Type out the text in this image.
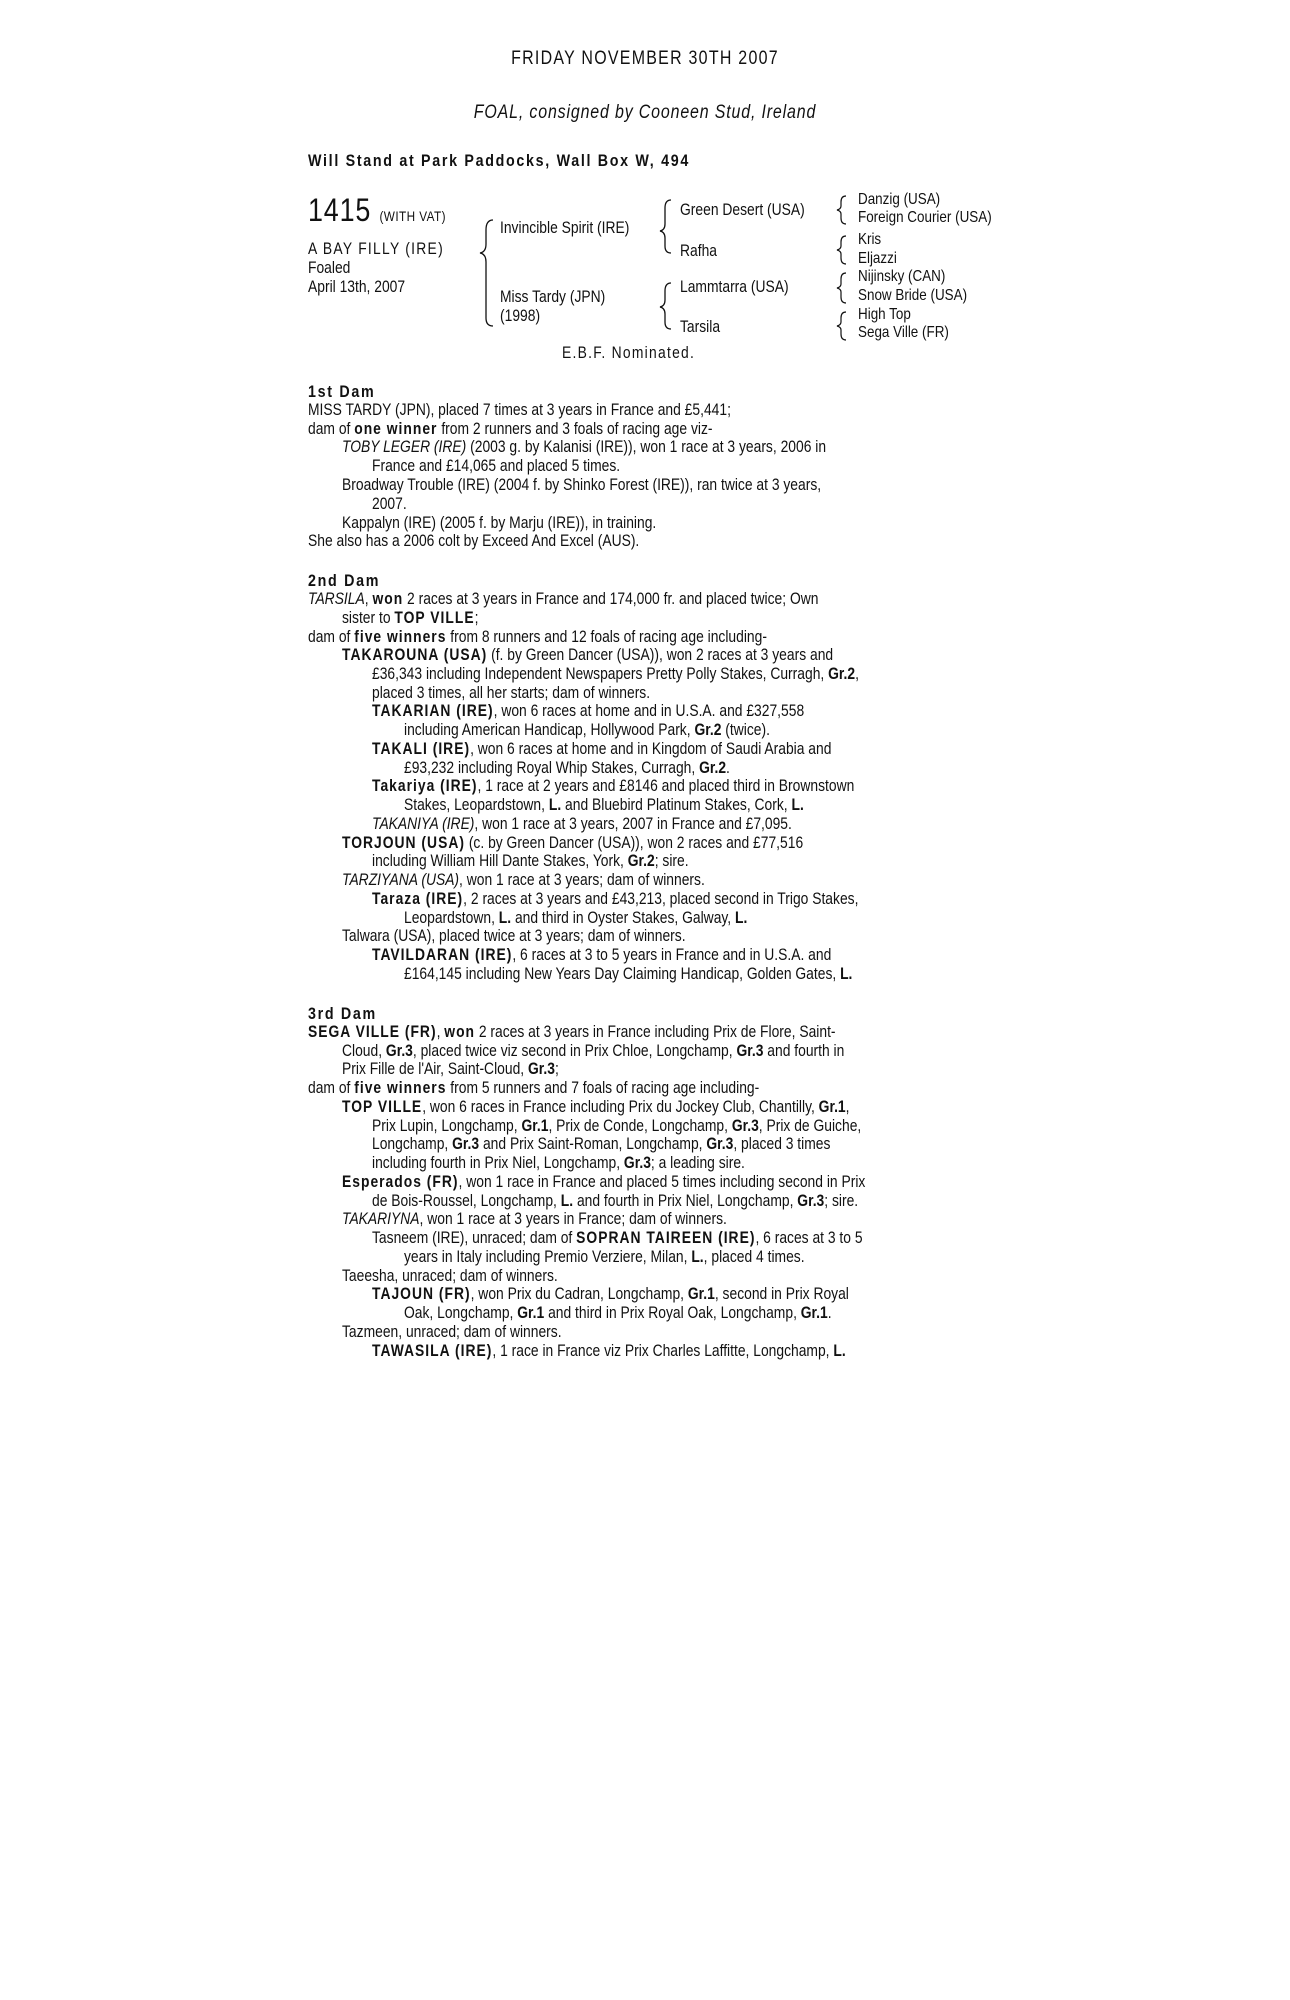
FRIDAY NOVEMBER 30TH 2007
FOAL, consigned by Cooneen Stud, Ireland
Will Stand at Park Paddocks, Wall Box W, 494
1415 (WITH VAT)
A BAY FILLY (IRE)
Foaled
April 13th, 2007
Invincible Spirit (IRE)
Miss Tardy (JPN)
(1998)
Green Desert (USA)
Rafha
Lammtarra (USA)
Tarsila
Danzig (USA)
Foreign Courier (USA)
Kris
Eljazzi
Nijinsky (CAN)
Snow Bride (USA)
High Top
Sega Ville (FR)
E.B.F. Nominated.
1st Dam
MISS TARDY (JPN), placed 7 times at 3 years in France and £5,441;
dam of one winner from 2 runners and 3 foals of racing age viz-
TOBY LEGER (IRE) (2003 g. by Kalanisi (IRE)), won 1 race at 3 years, 2006 in
France and £14,065 and placed 5 times.
Broadway Trouble (IRE) (2004 f. by Shinko Forest (IRE)), ran twice at 3 years,
2007.
Kappalyn (IRE) (2005 f. by Marju (IRE)), in training.
She also has a 2006 colt by Exceed And Excel (AUS).
2nd Dam
TARSILA, won 2 races at 3 years in France and 174,000 fr. and placed twice; Own
sister to TOP VILLE;
dam of five winners from 8 runners and 12 foals of racing age including-
TAKAROUNA (USA) (f. by Green Dancer (USA)), won 2 races at 3 years and
£36,343 including Independent Newspapers Pretty Polly Stakes, Curragh, Gr.2,
placed 3 times, all her starts; dam of winners.
TAKARIAN (IRE), won 6 races at home and in U.S.A. and £327,558
including American Handicap, Hollywood Park, Gr.2 (twice).
TAKALI (IRE), won 6 races at home and in Kingdom of Saudi Arabia and
£93,232 including Royal Whip Stakes, Curragh, Gr.2.
Takariya (IRE), 1 race at 2 years and £8146 and placed third in Brownstown
Stakes, Leopardstown, L. and Bluebird Platinum Stakes, Cork, L.
TAKANIYA (IRE), won 1 race at 3 years, 2007 in France and £7,095.
TORJOUN (USA) (c. by Green Dancer (USA)), won 2 races and £77,516
including William Hill Dante Stakes, York, Gr.2; sire.
TARZIYANA (USA), won 1 race at 3 years; dam of winners.
Taraza (IRE), 2 races at 3 years and £43,213, placed second in Trigo Stakes,
Leopardstown, L. and third in Oyster Stakes, Galway, L.
Talwara (USA), placed twice at 3 years; dam of winners.
TAVILDARAN (IRE), 6 races at 3 to 5 years in France and in U.S.A. and
£164,145 including New Years Day Claiming Handicap, Golden Gates, L.
3rd Dam
SEGA VILLE (FR), won 2 races at 3 years in France including Prix de Flore, Saint-
Cloud, Gr.3, placed twice viz second in Prix Chloe, Longchamp, Gr.3 and fourth in
Prix Fille de l'Air, Saint-Cloud, Gr.3;
dam of five winners from 5 runners and 7 foals of racing age including-
TOP VILLE, won 6 races in France including Prix du Jockey Club, Chantilly, Gr.1,
Prix Lupin, Longchamp, Gr.1, Prix de Conde, Longchamp, Gr.3, Prix de Guiche,
Longchamp, Gr.3 and Prix Saint-Roman, Longchamp, Gr.3, placed 3 times
including fourth in Prix Niel, Longchamp, Gr.3; a leading sire.
Esperados (FR), won 1 race in France and placed 5 times including second in Prix
de Bois-Roussel, Longchamp, L. and fourth in Prix Niel, Longchamp, Gr.3; sire.
TAKARIYNA, won 1 race at 3 years in France; dam of winners.
Tasneem (IRE), unraced; dam of SOPRAN TAIREEN (IRE), 6 races at 3 to 5
years in Italy including Premio Verziere, Milan, L., placed 4 times.
Taeesha, unraced; dam of winners.
TAJOUN (FR), won Prix du Cadran, Longchamp, Gr.1, second in Prix Royal
Oak, Longchamp, Gr.1 and third in Prix Royal Oak, Longchamp, Gr.1.
Tazmeen, unraced; dam of winners.
TAWASILA (IRE), 1 race in France viz Prix Charles Laffitte, Longchamp, L.
